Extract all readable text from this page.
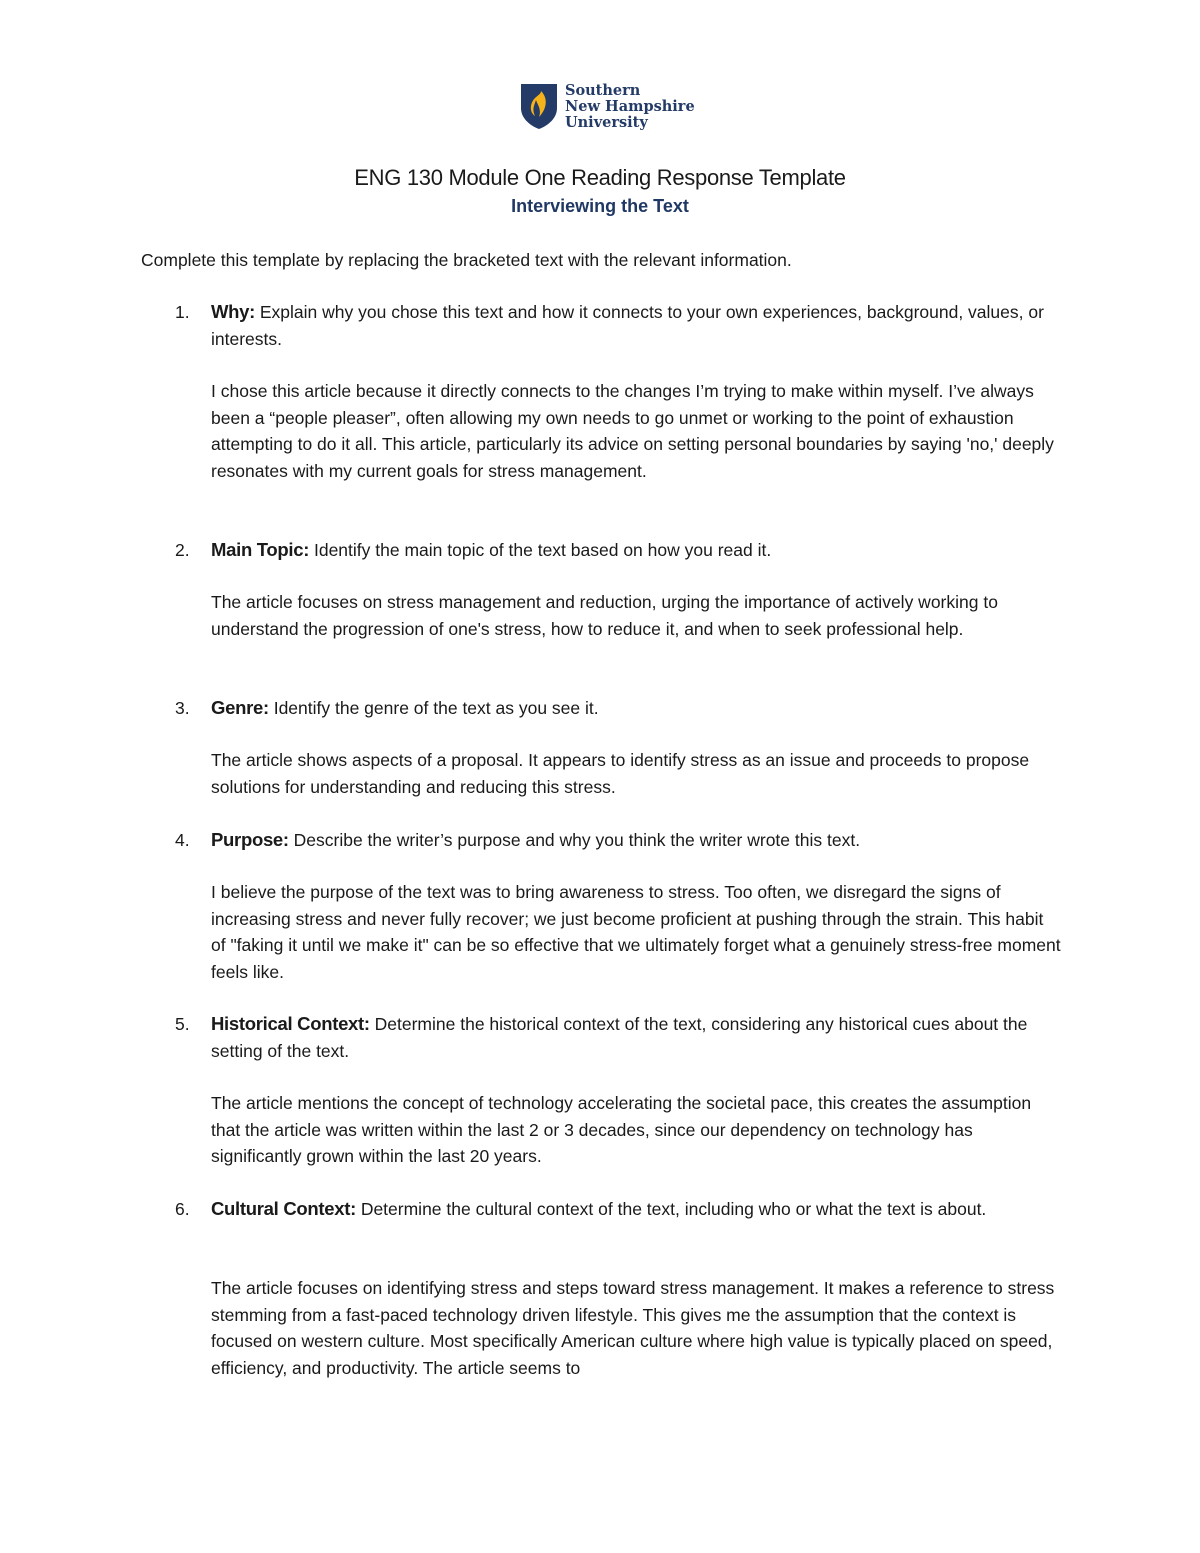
Southern
New Hampshire
University
ENG 130 Module One Reading Response Template
Interviewing the Text
Complete this template by replacing the bracketed text with the relevant information.
1. Why: Explain why you chose this text and how it connects to your own experiences, background, values, or interests.
I chose this article because it directly connects to the changes I’m trying to make within myself. I’ve always been a “people pleaser”, often allowing my own needs to go unmet or working to the point of exhaustion attempting to do it all. This article, particularly its advice on setting personal boundaries by saying 'no,' deeply resonates with my current goals for stress management.
2. Main Topic: Identify the main topic of the text based on how you read it.
The article focuses on stress management and reduction, urging the importance of actively working to understand the progression of one's stress, how to reduce it, and when to seek professional help.
3. Genre: Identify the genre of the text as you see it.
The article shows aspects of a proposal. It appears to identify stress as an issue and proceeds to propose solutions for understanding and reducing this stress.
4. Purpose: Describe the writer’s purpose and why you think the writer wrote this text.
I believe the purpose of the text was to bring awareness to stress. Too often, we disregard the signs of increasing stress and never fully recover; we just become proficient at pushing through the strain. This habit of "faking it until we make it" can be so effective that we ultimately forget what a genuinely stress-free moment feels like.
5. Historical Context: Determine the historical context of the text, considering any historical cues about the setting of the text.
The article mentions the concept of technology accelerating the societal pace, this creates the assumption that the article was written within the last 2 or 3 decades, since our dependency on technology has significantly grown within the last 20 years.
6. Cultural Context: Determine the cultural context of the text, including who or what the text is about.
The article focuses on identifying stress and steps toward stress management. It makes a reference to stress stemming from a fast-paced technology driven lifestyle. This gives me the assumption that the context is focused on western culture. Most specifically American culture where high value is typically placed on speed, efficiency, and productivity. The article seems to
